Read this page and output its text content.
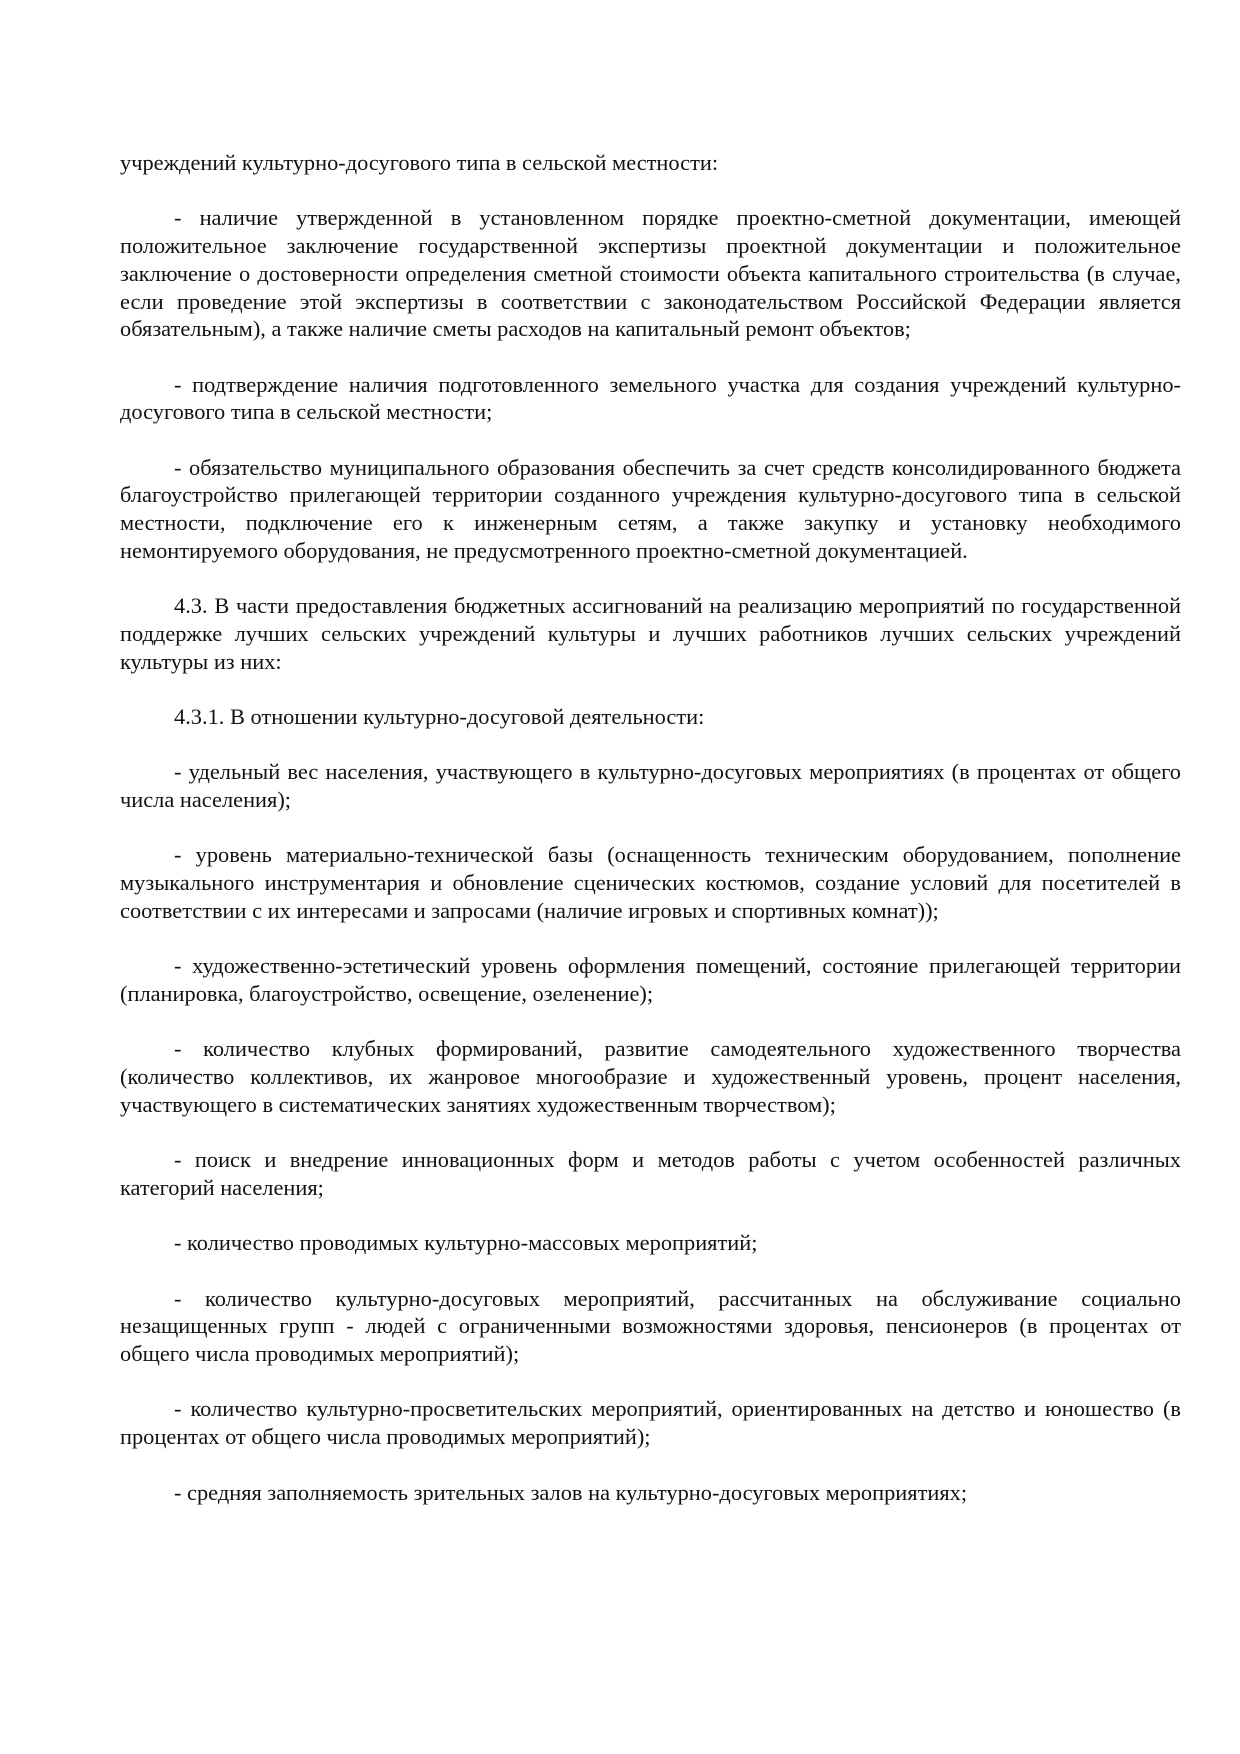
учреждений культурно-досугового типа в сельской местности:

- наличие утвержденной в установленном порядке проектно-сметной документации, имеющей положительное заключение государственной экспертизы проектной документации и положительное заключение о достоверности определения сметной стоимости объекта капитального строительства (в случае, если проведение этой экспертизы в соответствии с законодательством Российской Федерации является обязательным), а также наличие сметы расходов на капитальный ремонт объектов;

- подтверждение наличия подготовленного земельного участка для создания учреждений культурно-досугового типа в сельской местности;

- обязательство муниципального образования обеспечить за счет средств консолидированного бюджета благоустройство прилегающей территории созданного учреждения культурно-досугового типа в сельской местности, подключение его к инженерным сетям, а также закупку и установку необходимого немонтируемого оборудования, не предусмотренного проектно-сметной документацией.

4.3. В части предоставления бюджетных ассигнований на реализацию мероприятий по государственной поддержке лучших сельских учреждений культуры и лучших работников лучших сельских учреждений культуры из них:

4.3.1. В отношении культурно-досуговой деятельности:

- удельный вес населения, участвующего в культурно-досуговых мероприятиях (в процентах от общего числа населения);

- уровень материально-технической базы (оснащенность техническим оборудованием, пополнение музыкального инструментария и обновление сценических костюмов, создание условий для посетителей в соответствии с их интересами и запросами (наличие игровых и спортивных комнат));

- художественно-эстетический уровень оформления помещений, состояние прилегающей территории (планировка, благоустройство, освещение, озеленение);

- количество клубных формирований, развитие самодеятельного художественного творчества (количество коллективов, их жанровое многообразие и художественный уровень, процент населения, участвующего в систематических занятиях художественным творчеством);

- поиск и внедрение инновационных форм и методов работы с учетом особенностей различных категорий населения;

- количество проводимых культурно-массовых мероприятий;

- количество культурно-досуговых мероприятий, рассчитанных на обслуживание социально незащищенных групп - людей с ограниченными возможностями здоровья, пенсионеров (в процентах от общего числа проводимых мероприятий);

- количество культурно-просветительских мероприятий, ориентированных на детство и юношество (в процентах от общего числа проводимых мероприятий);

- средняя заполняемость зрительных залов на культурно-досуговых мероприятиях;
